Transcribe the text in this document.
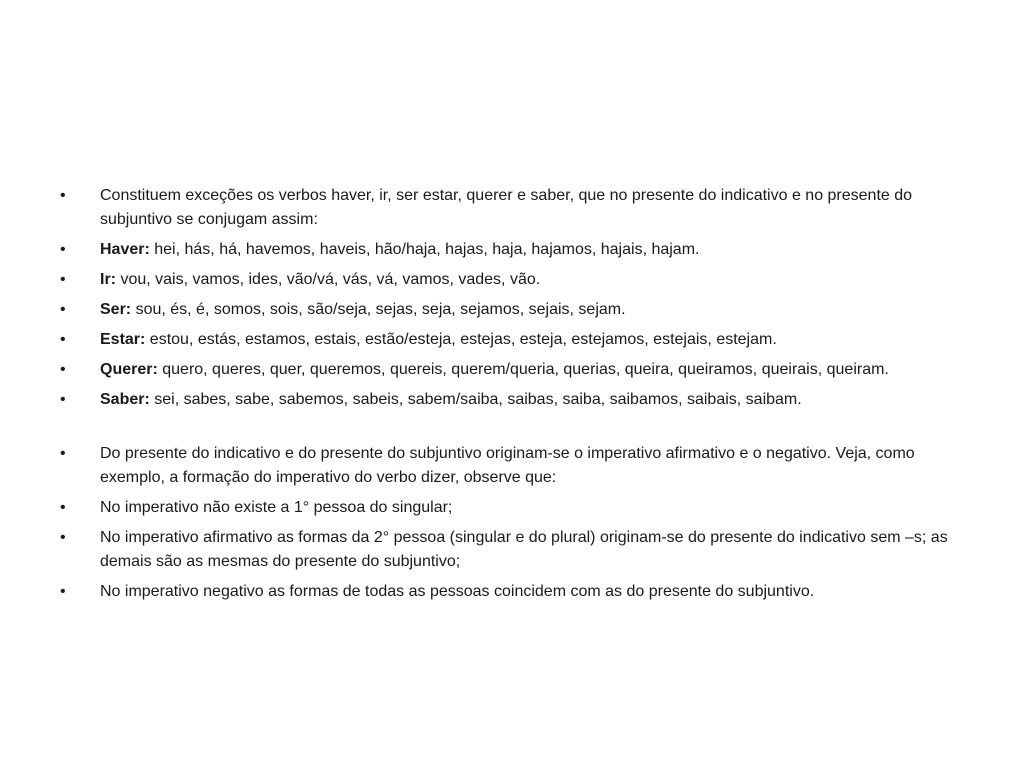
•	Constituem exceções os verbos haver, ir, ser estar, querer e saber, que no presente do indicativo e no presente do subjuntivo se conjugam assim:
•	Haver: hei, hás, há, havemos, haveis, hão/haja, hajas, haja, hajamos, hajais, hajam.
•	Ir: vou, vais, vamos, ides, vão/vá, vás, vá, vamos, vades, vão.
•	Ser: sou, és, é, somos, sois, são/seja, sejas, seja, sejamos, sejais, sejam.
•	Estar: estou, estás, estamos, estais, estão/esteja, estejas, esteja, estejamos, estejais, estejam.
•	Querer: quero, queres, quer, queremos, quereis, querem/queria, querias, queira, queiramos, queirais, queiram.
•	Saber: sei, sabes, sabe, sabemos, sabeis, sabem/saiba, saibas, saiba, saibamos, saibais, saibam.
•	Do presente do indicativo e do presente do subjuntivo originam-se o imperativo afirmativo e o negativo. Veja, como exemplo, a formação do imperativo do verbo dizer, observe que:
•	No imperativo não existe a 1° pessoa do singular;
•	No imperativo afirmativo as formas da 2° pessoa (singular e do plural) originam-se do presente do indicativo sem –s; as demais são as mesmas do presente do subjuntivo;
•	No imperativo negativo as formas de todas as pessoas coincidem com as do presente do subjuntivo.
